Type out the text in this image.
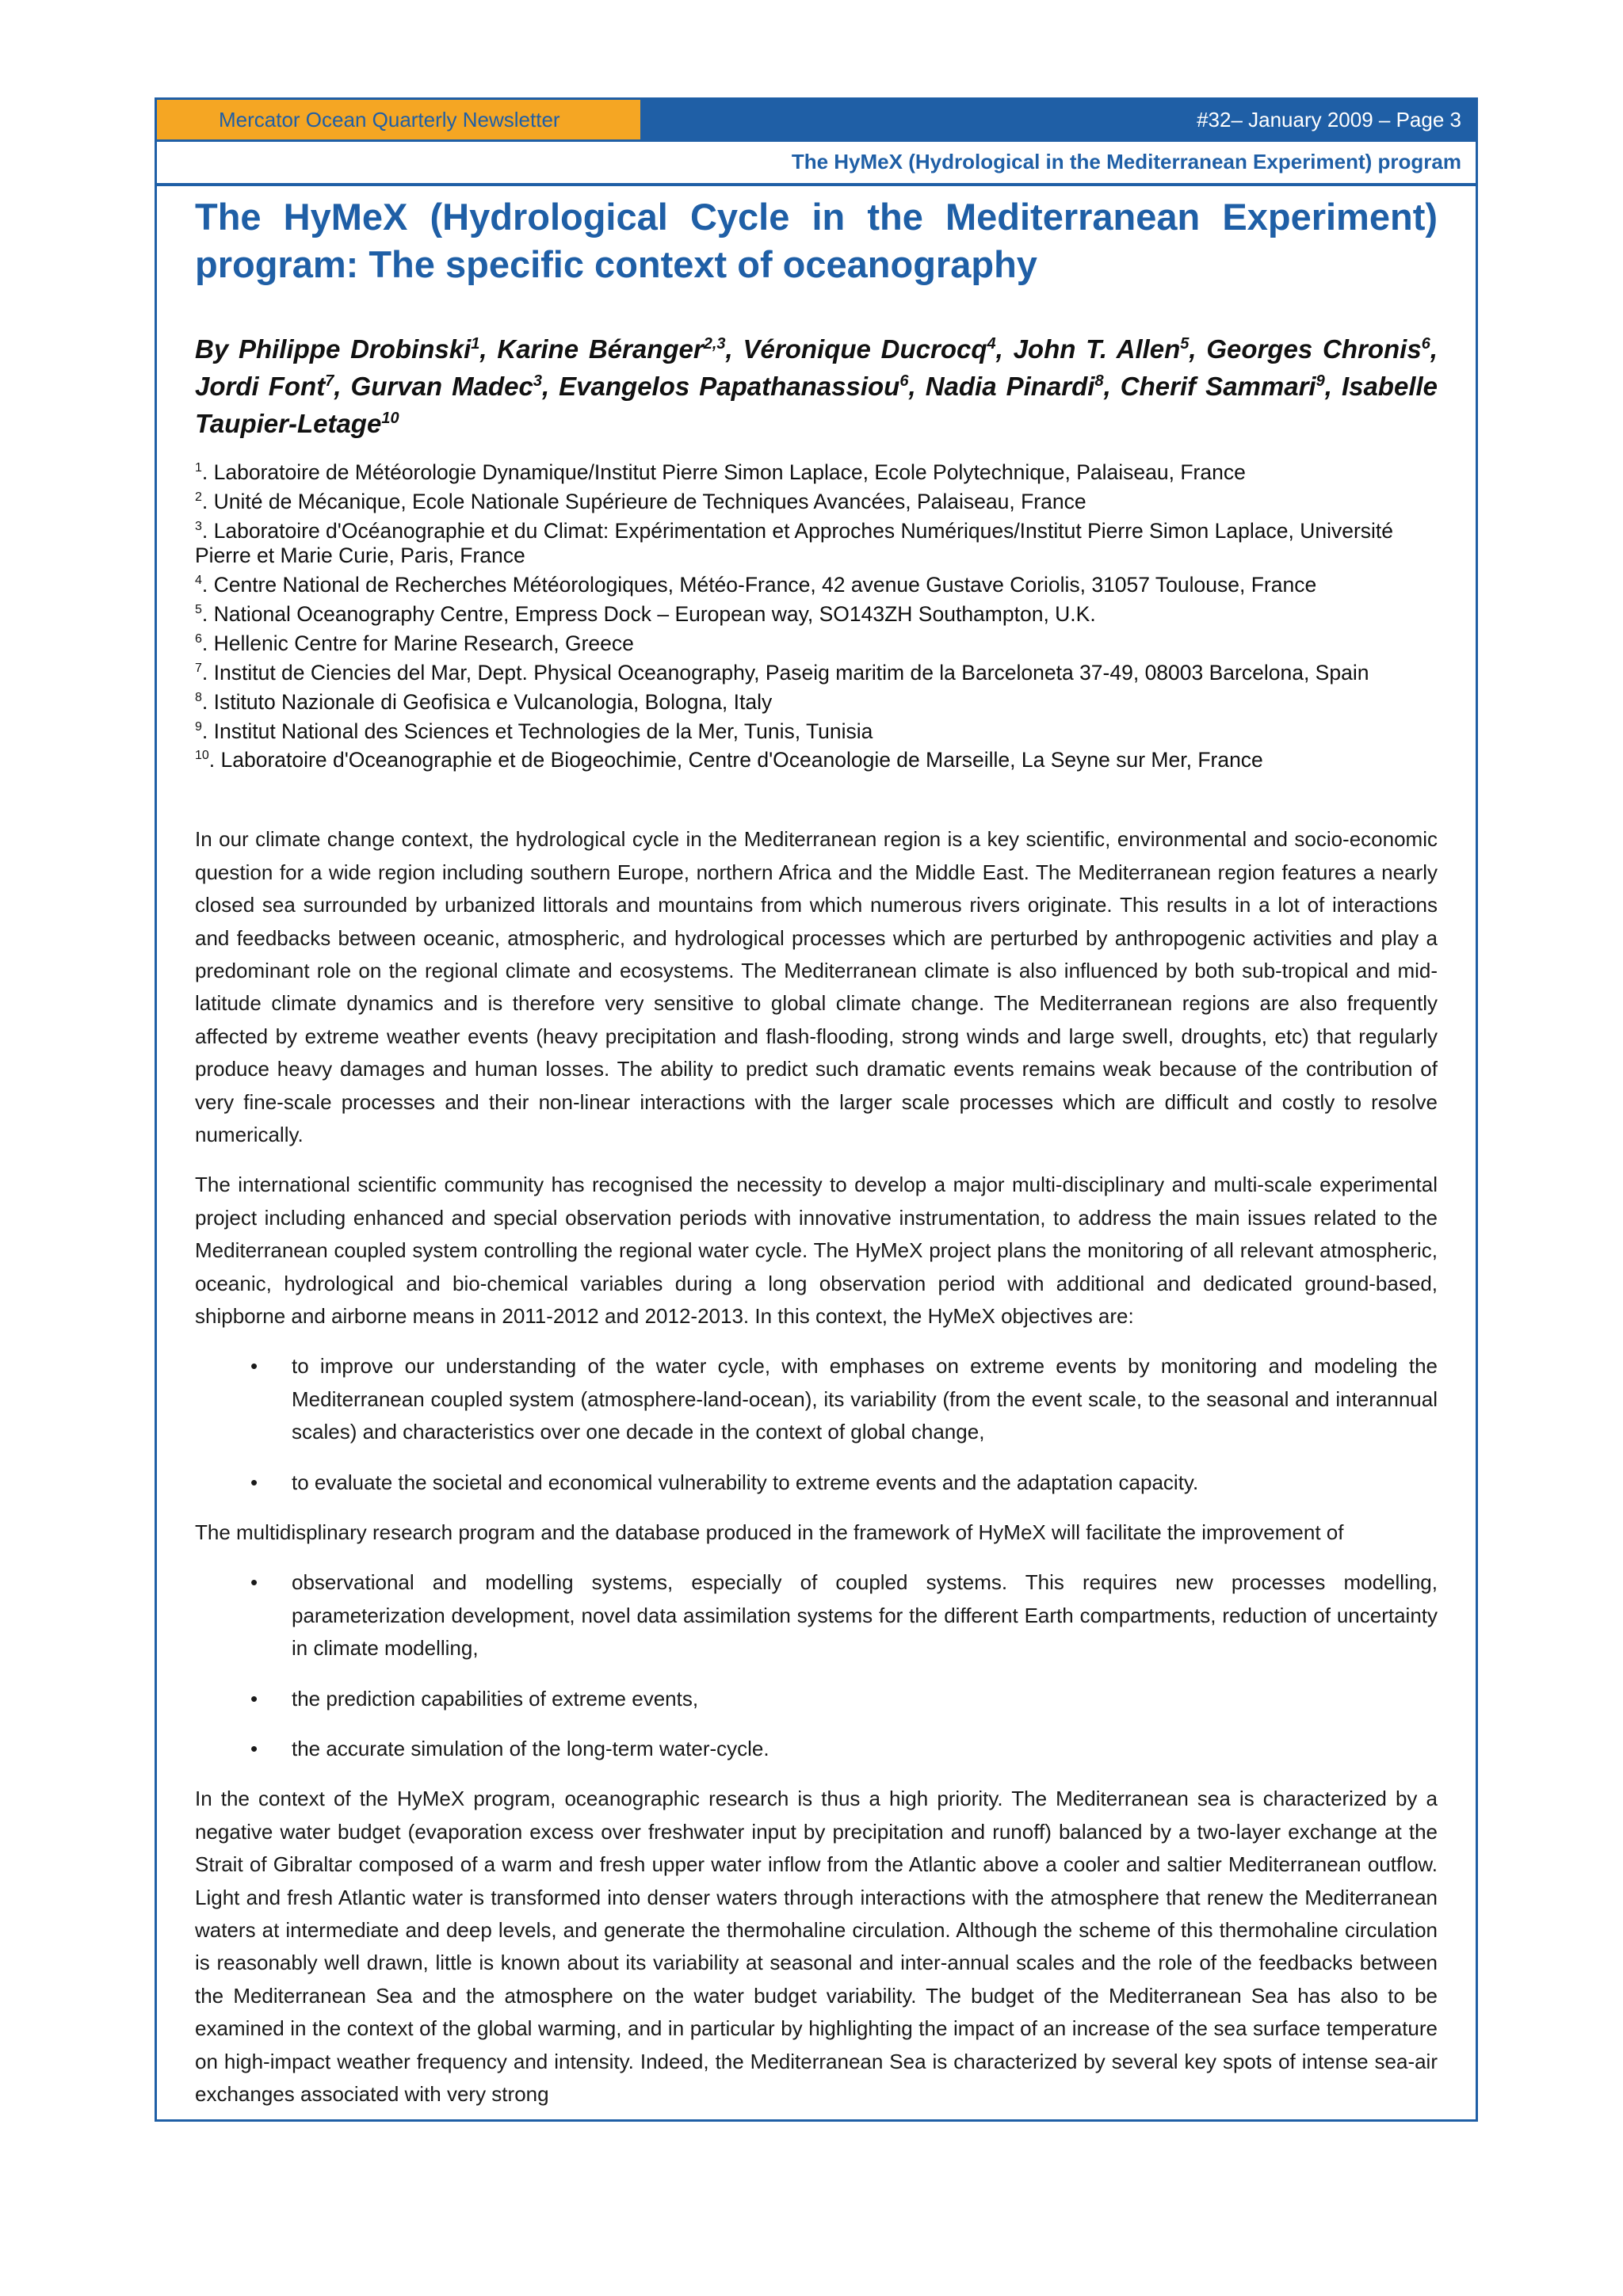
Mercator Ocean Quarterly Newsletter	#32– January 2009 – Page 3
The HyMeX (Hydrological in the Mediterranean Experiment) program
The HyMeX (Hydrological Cycle in the Mediterranean Experiment) program: The specific context of oceanography

By Philippe Drobinski$^1$, Karine Béranger$^{2,3}$, Véronique Ducrocq$^4$, John T. Allen$^5$, Georges Chronis$^6$, Jordi Font$^7$, Gurvan Madec$^3$, Evangelos Papathanassiou$^6$, Nadia Pinardi$^8$, Cherif Sammari$^9$, Isabelle Taupier-Letage$^{10}$

$^1$. Laboratoire de Météorologie Dynamique/Institut Pierre Simon Laplace, Ecole Polytechnique, Palaiseau, France
$^2$. Unité de Mécanique, Ecole Nationale Supérieure de Techniques Avancées, Palaiseau, France
$^3$. Laboratoire d'Océanographie et du Climat: Expérimentation et Approches Numériques/Institut Pierre Simon Laplace, Université Pierre et Marie Curie, Paris, France
$^4$. Centre National de Recherches Météorologiques, Météo-France, 42 avenue Gustave Coriolis, 31057 Toulouse, France
$^5$. National Oceanography Centre, Empress Dock – European way, SO143ZH Southampton, U.K.
$^6$. Hellenic Centre for Marine Research, Greece
$^7$. Institut de Ciencies del Mar, Dept. Physical Oceanography, Paseig maritim de la Barceloneta 37-49, 08003 Barcelona, Spain
$^8$. Istituto Nazionale di Geofisica e Vulcanologia, Bologna, Italy
$^9$. Institut National des Sciences et Technologies de la Mer, Tunis, Tunisia
$^{10}$. Laboratoire d'Oceanographie et de Biogeochimie, Centre d'Oceanologie de Marseille, La Seyne sur Mer, France

In our climate change context, the hydrological cycle in the Mediterranean region is a key scientific, environmental and socio-economic question for a wide region including southern Europe, northern Africa and the Middle East. The Mediterranean region features a nearly closed sea surrounded by urbanized littorals and mountains from which numerous rivers originate. This results in a lot of interactions and feedbacks between oceanic, atmospheric, and hydrological processes which are perturbed by anthropogenic activities and play a predominant role on the regional climate and ecosystems. The Mediterranean climate is also influenced by both sub-tropical and mid-latitude climate dynamics and is therefore very sensitive to global climate change. The Mediterranean regions are also frequently affected by extreme weather events (heavy precipitation and flash-flooding, strong winds and large swell, droughts, etc) that regularly produce heavy damages and human losses. The ability to predict such dramatic events remains weak because of the contribution of very fine-scale processes and their non-linear interactions with the larger scale processes which are difficult and costly to resolve numerically.

The international scientific community has recognised the necessity to develop a major multi-disciplinary and multi-scale experimental project including enhanced and special observation periods with innovative instrumentation, to address the main issues related to the Mediterranean coupled system controlling the regional water cycle. The HyMeX project plans the monitoring of all relevant atmospheric, oceanic, hydrological and bio-chemical variables during a long observation period with additional and dedicated ground-based, shipborne and airborne means in 2011-2012 and 2012-2013. In this context, the HyMeX objectives are:

• to improve our understanding of the water cycle, with emphases on extreme events by monitoring and modeling the Mediterranean coupled system (atmosphere-land-ocean), its variability (from the event scale, to the seasonal and interannual scales) and characteristics over one decade in the context of global change,
• to evaluate the societal and economical vulnerability to extreme events and the adaptation capacity.

The multidisplinary research program and the database produced in the framework of HyMeX will facilitate the improvement of

• observational and modelling systems, especially of coupled systems. This requires new processes modelling, parameterization development, novel data assimilation systems for the different Earth compartments, reduction of uncertainty in climate modelling,
• the prediction capabilities of extreme events,
• the accurate simulation of the long-term water-cycle.

In the context of the HyMeX program, oceanographic research is thus a high priority. The Mediterranean sea is characterized by a negative water budget (evaporation excess over freshwater input by precipitation and runoff) balanced by a two-layer exchange at the Strait of Gibraltar composed of a warm and fresh upper water inflow from the Atlantic above a cooler and saltier Mediterranean outflow. Light and fresh Atlantic water is transformed into denser waters through interactions with the atmosphere that renew the Mediterranean waters at intermediate and deep levels, and generate the thermohaline circulation. Although the scheme of this thermohaline circulation is reasonably well drawn, little is known about its variability at seasonal and inter-annual scales and the role of the feedbacks between the Mediterranean Sea and the atmosphere on the water budget variability. The budget of the Mediterranean Sea has also to be examined in the context of the global warming, and in particular by highlighting the impact of an increase of the sea surface temperature on high-impact weather frequency and intensity. Indeed, the Mediterranean Sea is characterized by several key spots of intense sea-air exchanges associated with very strong
